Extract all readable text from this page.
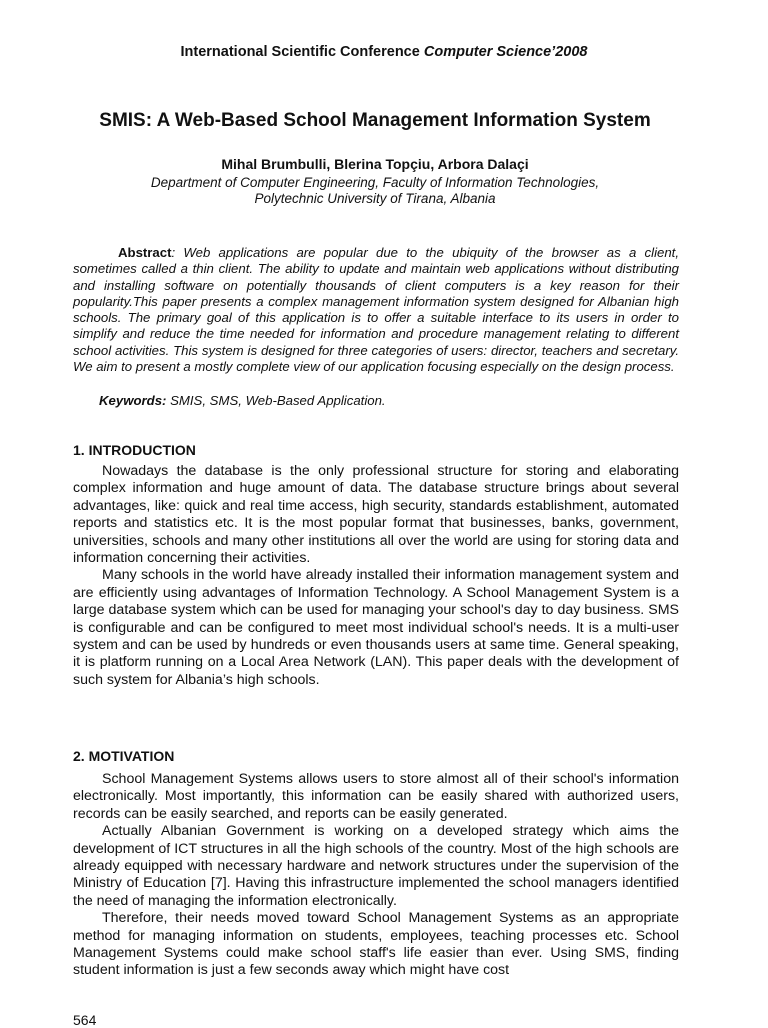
International Scientific Conference Computer Science’2008
SMIS: A Web-Based School Management Information System
Mihal Brumbulli, Blerina Topçiu, Arbora Dalaçi
Department of Computer Engineering, Faculty of Information Technologies,
Polytechnic University of Tirana, Albania

Abstract: Web applications are popular due to the ubiquity of the browser as a client, sometimes called a thin client. The ability to update and maintain web applications without distributing and installing software on potentially thousands of client computers is a key reason for their popularity.This paper presents a complex management information system designed for Albanian high schools. The primary goal of this application is to offer a suitable interface to its users in order to simplify and reduce the time needed for information and procedure management relating to different school activities. This system is designed for three categories of users: director, teachers and secretary. We aim to present a mostly complete view of our application focusing especially on the design process.

Keywords: SMIS, SMS, Web-Based Application.

1. INTRODUCTION

Nowadays the database is the only professional structure for storing and elaborating complex information and huge amount of data. The database structure brings about several advantages, like: quick and real time access, high security, standards establishment, automated reports and statistics etc. It is the most popular format that businesses, banks, government, universities, schools and many other institutions all over the world are using for storing data and information concerning their activities.

Many schools in the world have already installed their information management system and are efficiently using advantages of Information Technology. A School Management System is a large database system which can be used for managing your school's day to day business. SMS is configurable and can be configured to meet most individual school's needs. It is a multi-user system and can be used by hundreds or even thousands users at same time. General speaking, it is platform running on a Local Area Network (LAN). This paper deals with the development of such system for Albania’s high schools.

2. MOTIVATION

School Management Systems allows users to store almost all of their school's information electronically. Most importantly, this information can be easily shared with authorized users, records can be easily searched, and reports can be easily generated.

Actually Albanian Government is working on a developed strategy which aims the development of ICT structures in all the high schools of the country. Most of the high schools are already equipped with necessary hardware and network structures under the supervision of the Ministry of Education [7]. Having this infrastructure implemented the school managers identified the need of managing the information electronically.

Therefore, their needs moved toward School Management Systems as an appropriate method for managing information on students, employees, teaching processes etc. School Management Systems could make school staff's life easier than ever. Using SMS, finding student information is just a few seconds away which might have cost

564
